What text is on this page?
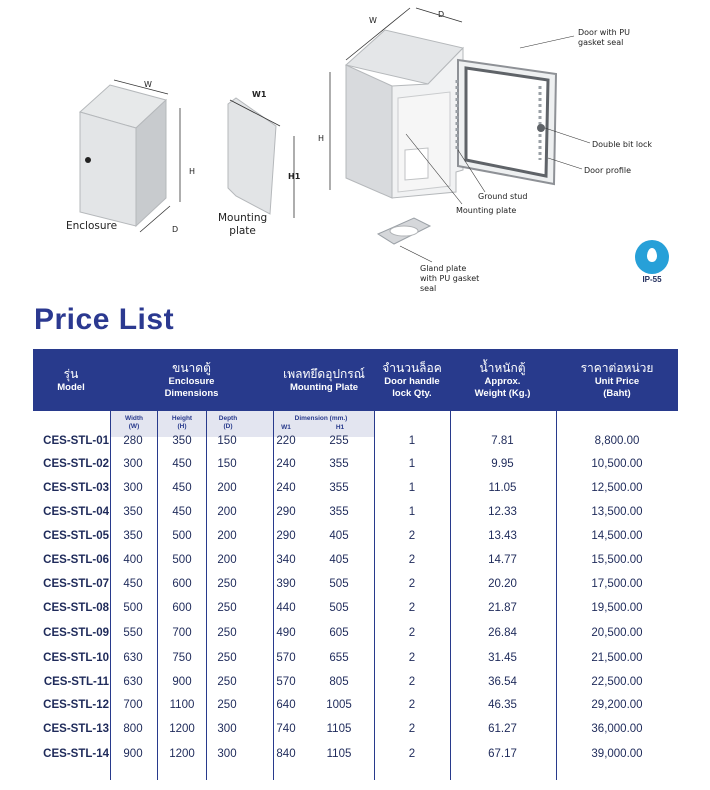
W
H
D
Enclosure
W1
H1
Mounting
plate
W
D
H
Door with PU
gasket seal
Double bit lock
Door profile
Ground stud
Mounting plate
Gland plate
with PU gasket
seal
IP-55
Price List
รุ่น
Model
ขนาดตู้
Enclosure
Dimensions
เพลทยึดอุปกรณ์
Mounting Plate
จำนวนล็อค
Door handle
lock Qty.
น้ำหนักตู้
Approx.
Weight (Kg.)
ราคาต่อหน่วย
Unit Price
(Baht)
Width
(W)
Height
(H)
Depth
(D)
Dimension (mm.)
W1	H1
CES-STL-01	280	350	150	220	255	1	7.81	8,800.00
CES-STL-02	300	450	150	240	355	1	9.95	10,500.00
CES-STL-03	300	450	200	240	355	1	11.05	12,500.00
CES-STL-04	350	450	200	290	355	1	12.33	13,500.00
CES-STL-05	350	500	200	290	405	2	13.43	14,500.00
CES-STL-06	400	500	200	340	405	2	14.77	15,500.00
CES-STL-07	450	600	250	390	505	2	20.20	17,500.00
CES-STL-08	500	600	250	440	505	2	21.87	19,500.00
CES-STL-09	550	700	250	490	605	2	26.84	20,500.00
CES-STL-10	630	750	250	570	655	2	31.45	21,500.00
CES-STL-11	630	900	250	570	805	2	36.54	22,500.00
CES-STL-12	700	1100	250	640	1005	2	46.35	29,200.00
CES-STL-13	800	1200	300	740	1105	2	61.27	36,000.00
CES-STL-14	900	1200	300	840	1105	2	67.17	39,000.00
